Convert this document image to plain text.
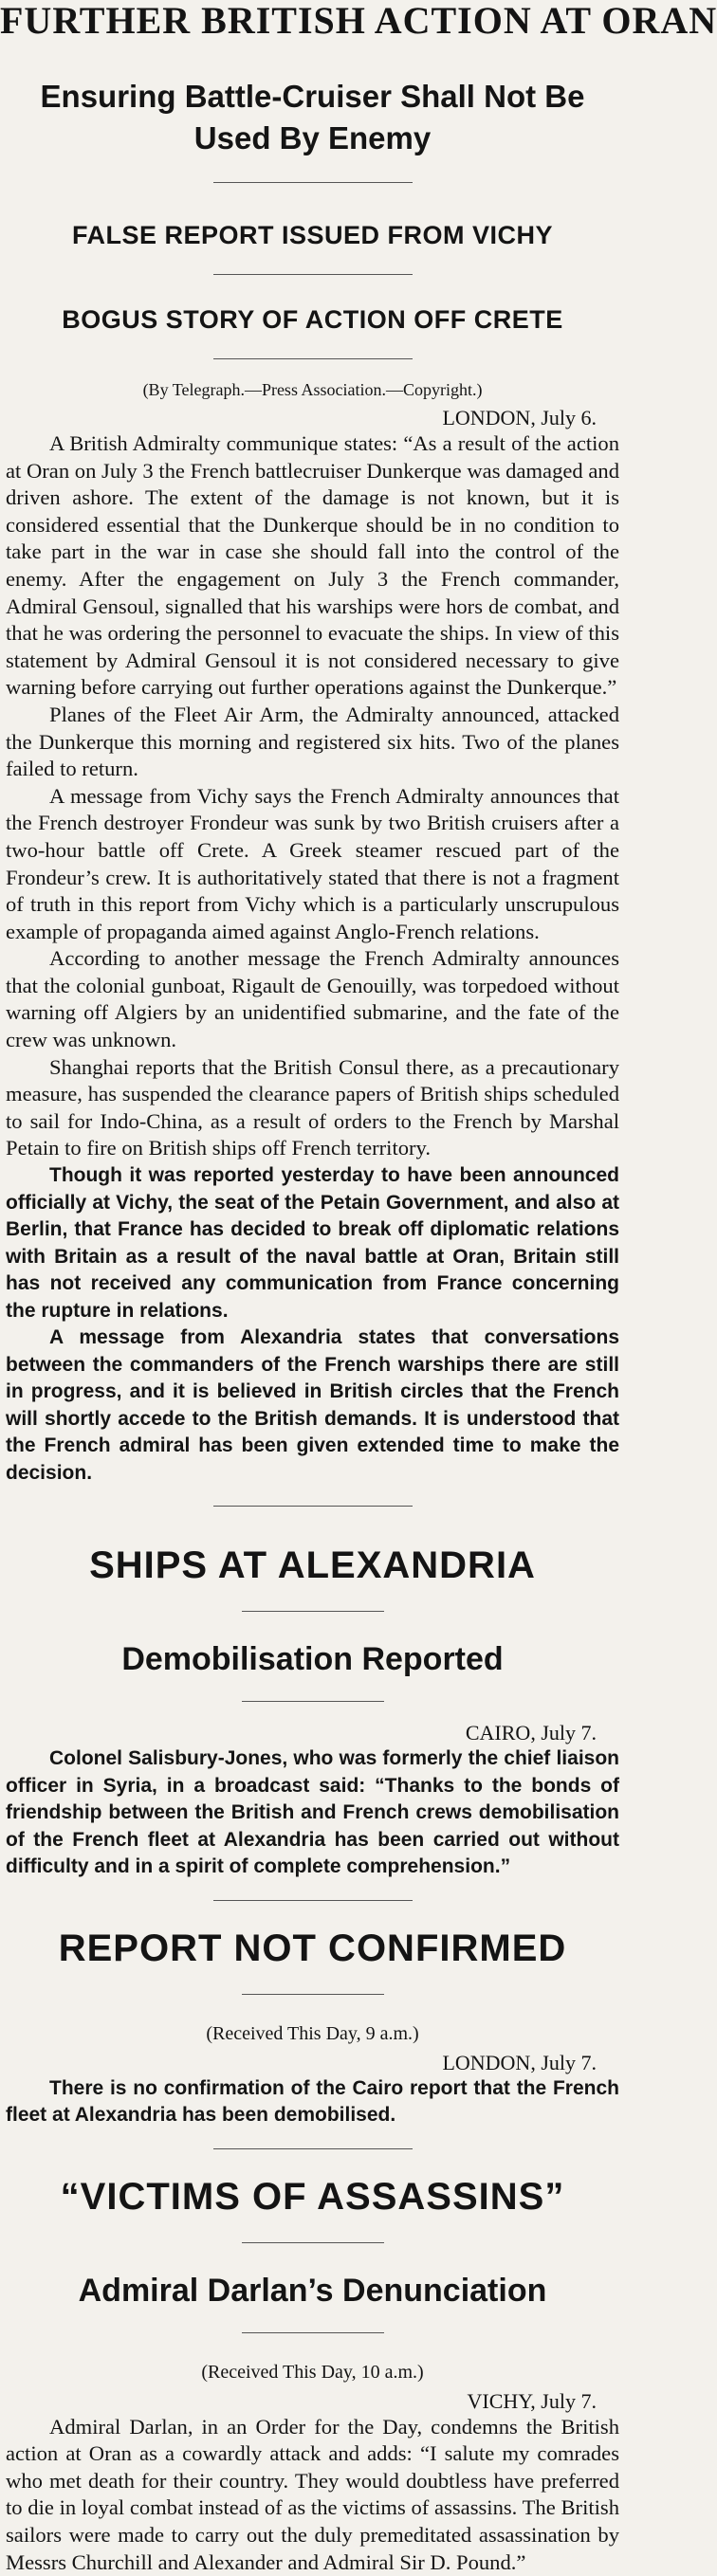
FURTHER BRITISH ACTION AT ORAN
Ensuring Battle-Cruiser Shall Not Be Used By Enemy
FALSE REPORT ISSUED FROM VICHY
BOGUS STORY OF ACTION OFF CRETE

(By Telegraph.—Press Association.—Copyright.)

LONDON, July 6.

A British Admiralty communique states: “As a result of the action at Oran on July 3 the French battlecruiser Dunkerque was damaged and driven ashore. The extent of the damage is not known, but it is considered essential that the Dunkerque should be in no condition to take part in the war in case she should fall into the control of the enemy. After the engagement on July 3 the French commander, Admiral Gensoul, signalled that his warships were hors de combat, and that he was ordering the personnel to evacuate the ships. In view of this statement by Admiral Gensoul it is not considered necessary to give warning before carrying out further operations against the Dunkerque.”

Planes of the Fleet Air Arm, the Admiralty announced, attacked the Dunkerque this morning and registered six hits. Two of the planes failed to return.

A message from Vichy says the French Admiralty announces that the French destroyer Frondeur was sunk by two British cruisers after a two-hour battle off Crete. A Greek steamer rescued part of the Frondeur’s crew. It is authoritatively stated that there is not a fragment of truth in this report from Vichy which is a particularly unscrupulous example of propaganda aimed against Anglo-French relations.

According to another message the French Admiralty announces that the colonial gunboat, Rigault de Genouilly, was torpedoed without warning off Algiers by an unidentified submarine, and the fate of the crew was unknown.

Shanghai reports that the British Consul there, as a precautionary measure, has suspended the clearance papers of British ships scheduled to sail for Indo-China, as a result of orders to the French by Marshal Petain to fire on British ships off French territory.

Though it was reported yesterday to have been announced officially at Vichy, the seat of the Petain Government, and also at Berlin, that France has decided to break off diplomatic relations with Britain as a result of the naval battle at Oran, Britain still has not received any communication from France concerning the rupture in relations.

A message from Alexandria states that conversations between the commanders of the French warships there are still in progress, and it is believed in British circles that the French will shortly accede to the British demands. It is understood that the French admiral has been given extended time to make the decision.

SHIPS AT ALEXANDRIA
Demobilisation Reported

CAIRO, July 7.

Colonel Salisbury-Jones, who was formerly the chief liaison officer in Syria, in a broadcast said: “Thanks to the bonds of friendship between the British and French crews demobilisation of the French fleet at Alexandria has been carried out without difficulty and in a spirit of complete comprehension.”

REPORT NOT CONFIRMED

(Received This Day, 9 a.m.)

LONDON, July 7.

There is no confirmation of the Cairo report that the French fleet at Alexandria has been demobilised.

“VICTIMS OF ASSASSINS”
Admiral Darlan’s Denunciation

(Received This Day, 10 a.m.)

VICHY, July 7.

Admiral Darlan, in an Order for the Day, condemns the British action at Oran as a cowardly attack and adds: “I salute my comrades who met death for their country. They would doubtless have preferred to die in loyal combat instead of as the victims of assassins. The British sailors were made to carry out the duly premeditated assassination by Messrs Churchill and Alexander and Admiral Sir D. Pound.”
